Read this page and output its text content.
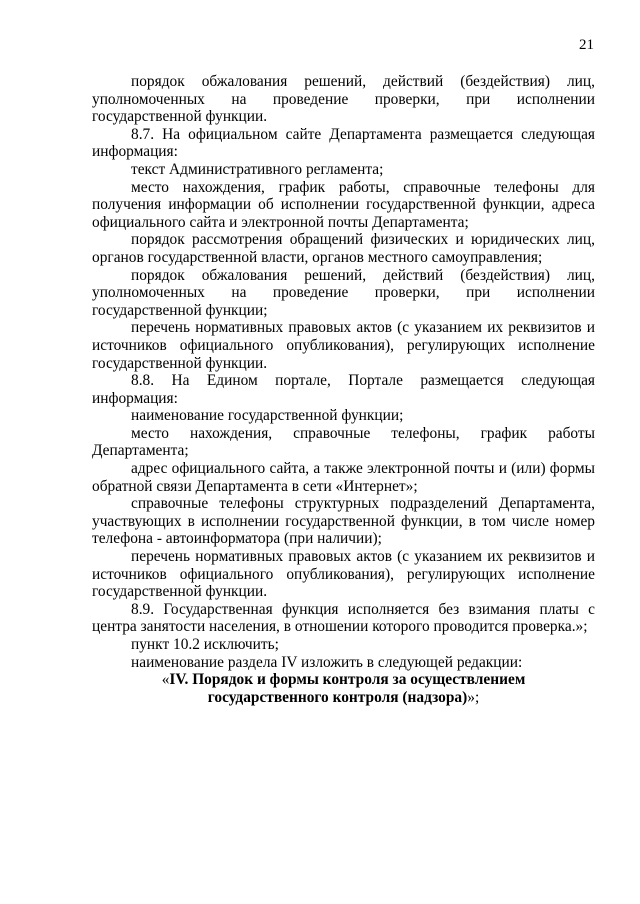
21

порядок обжалования решений, действий (бездействия) лиц, уполномоченных на проведение проверки, при исполнении государственной функции.

8.7. На официальном сайте Департамента размещается следующая информация:

текст Административного регламента;

место нахождения, график работы, справочные телефоны для получения информации об исполнении государственной функции, адреса официального сайта и электронной почты Департамента;

порядок рассмотрения обращений физических и юридических лиц, органов государственной власти, органов местного самоуправления;

порядок обжалования решений, действий (бездействия) лиц, уполномоченных на проведение проверки, при исполнении государственной функции;

перечень нормативных правовых актов (с указанием их реквизитов и источников официального опубликования), регулирующих исполнение государственной функции.

8.8. На Едином портале, Портале размещается следующая информация:

наименование государственной функции;

место нахождения, справочные телефоны, график работы Департамента;

адрес официального сайта, а также электронной почты и (или) формы обратной связи Департамента в сети «Интернет»;

справочные телефоны структурных подразделений Департамента, участвующих в исполнении государственной функции, в том числе номер телефона - автоинформатора (при наличии);

перечень нормативных правовых актов (с указанием их реквизитов и источников официального опубликования), регулирующих исполнение государственной функции.

8.9. Государственная функция исполняется без взимания платы с центра занятости населения, в отношении которого проводится проверка.»;

пункт 10.2 исключить;

наименование раздела IV изложить в следующей редакции:

«IV. Порядок и формы контроля за осуществлением
государственного контроля (надзора)»;
